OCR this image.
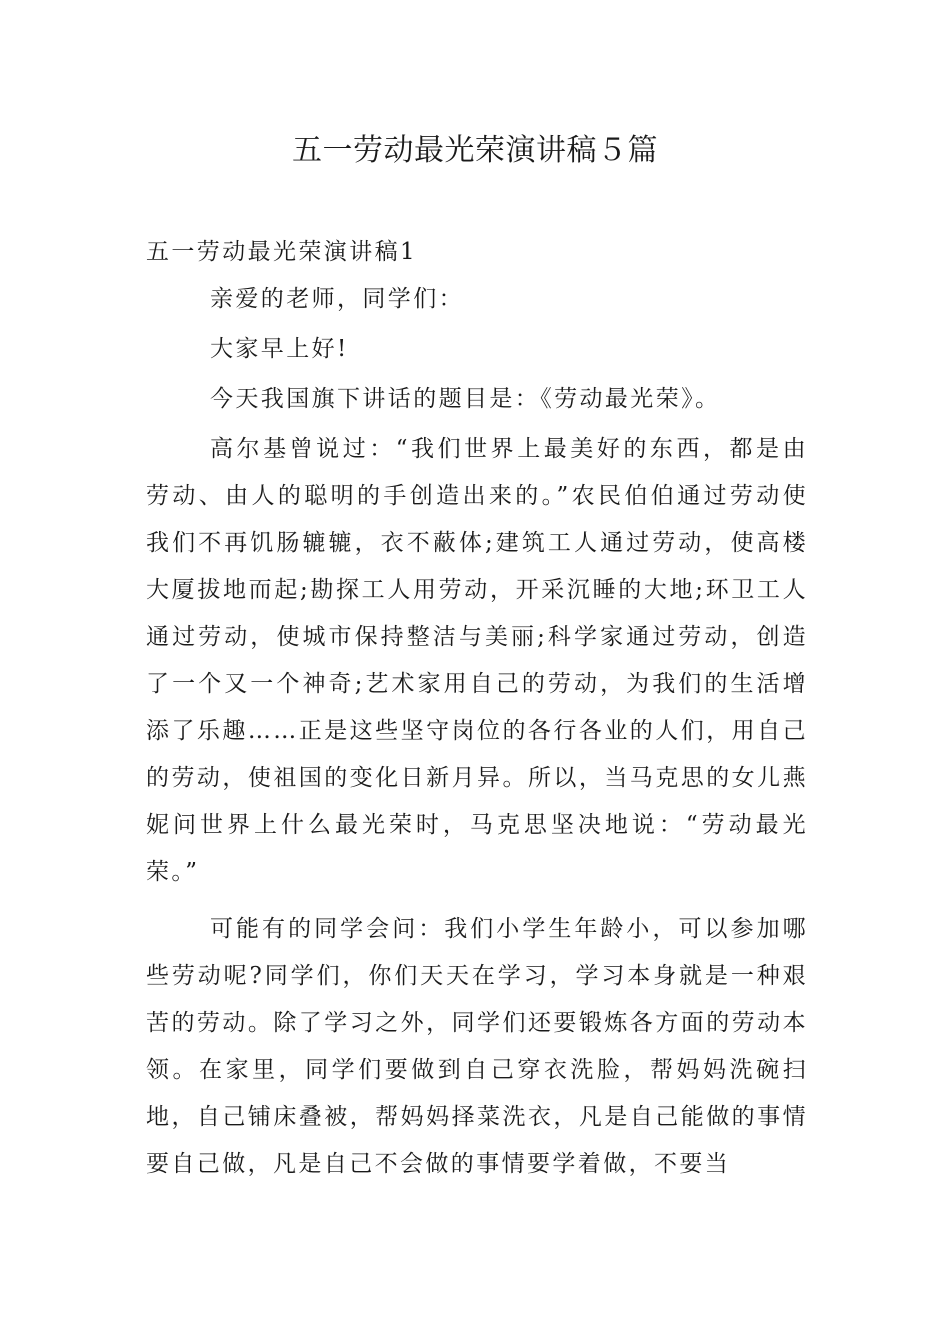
五一劳动最光荣演讲稿５篇

五一劳动最光荣演讲稿1

亲爱的老师，同学们：

大家早上好!

今天我国旗下讲话的题目是：《劳动最光荣》。

高尔基曾说过：“我们世界上最美好的东西，都是由劳动、由人的聪明的手创造出来的。”农民伯伯通过劳动使我们不再饥肠辘辘，衣不蔽体;建筑工人通过劳动，使高楼大厦拔地而起;勘探工人用劳动，开采沉睡的大地;环卫工人通过劳动，使城市保持整洁与美丽;科学家通过劳动，创造了一个又一个神奇;艺术家用自己的劳动，为我们的生活增添了乐趣……正是这些坚守岗位的各行各业的人们，用自己的劳动，使祖国的变化日新月异。所以，当马克思的女儿燕妮问世界上什么最光荣时，马克思坚决地说：“劳动最光荣。”

可能有的同学会问：我们小学生年龄小，可以参加哪些劳动呢?同学们，你们天天在学习，学习本身就是一种艰苦的劳动。除了学习之外，同学们还要锻炼各方面的劳动本领。在家里，同学们要做到自己穿衣洗脸，帮妈妈洗碗扫地，自己铺床叠被，帮妈妈择菜洗衣，凡是自己能做的事情要自己做，凡是自己不会做的事情要学着做，不要当
